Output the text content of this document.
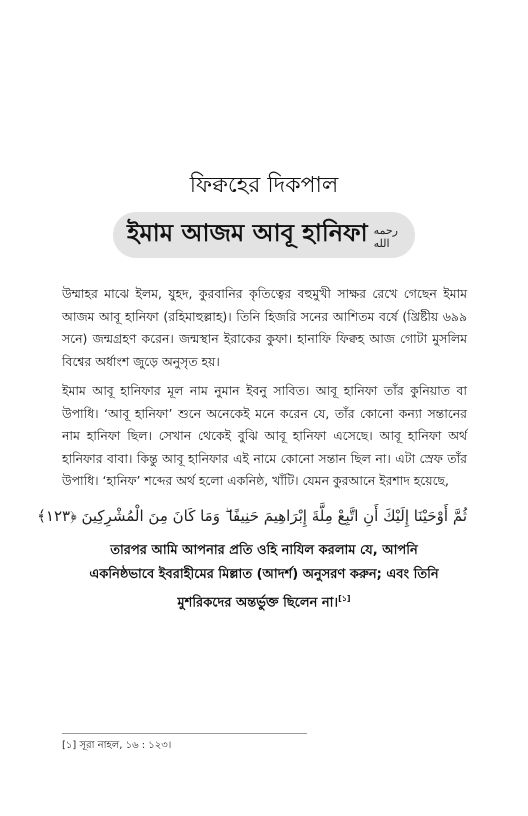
ফিক্বহের দিকপাল
ইমাম আজম আবূ হানিফা رحمه الله

উম্মাহর মাঝে ইলম, যুহদ, কুরবানির কৃতিত্বের বহুমুখী সাক্ষর রেখে গেছেন ইমাম আজম আবূ হানিফা (রহিমাহুল্লাহ)। তিনি হিজরি সনের আশিতম বর্ষে (খ্রিষ্টীয় ৬৯৯ সনে) জন্মগ্রহণ করেন। জন্মস্থান ইরাকের কুফা। হানাফি ফিক্বহ আজ গোটা মুসলিম বিশ্বের অর্ধাংশ জুড়ে অনুসৃত হয়।

ইমাম আবূ হানিফার মূল নাম নুমান ইবনু সাবিত। আবূ হানিফা তাঁর কুনিয়াত বা উপাধি। ‘আবূ হানিফা’ শুনে অনেকেই মনে করেন যে, তাঁর কোনো কন্যা সন্তানের নাম হানিফা ছিল। সেখান থেকেই বুঝি আবূ হানিফা এসেছে। আবূ হানিফা অর্থ হানিফার বাবা। কিন্তু আবূ হানিফার এই নামে কোনো সন্তান ছিল না। এটা স্রেফ তাঁর উপাধি। ‘হানিফ’ শব্দের অর্থ হলো একনিষ্ঠ, খাঁটি। যেমন কুরআনে ইরশাদ হয়েছে,

ثُمَّ أَوْحَيْنَا إِلَيْكَ أَنِ اتَّبِعْ مِلَّةَ إِبْرَاهِيمَ حَنِيفًا ۖ وَمَا كَانَ مِنَ الْمُشْرِكِينَ ﴿١٢٣﴾

তারপর আমি আপনার প্রতি ওহি নাযিল করলাম যে, আপনি একনিষ্ঠভাবে ইবরাহীমের মিল্লাত (আদর্শ) অনুসরণ করুন; এবং তিনি মুশরিকদের অন্তর্ভুক্ত ছিলেন না।[১]

[১] সূরা নাহল, ১৬ : ১২৩।
